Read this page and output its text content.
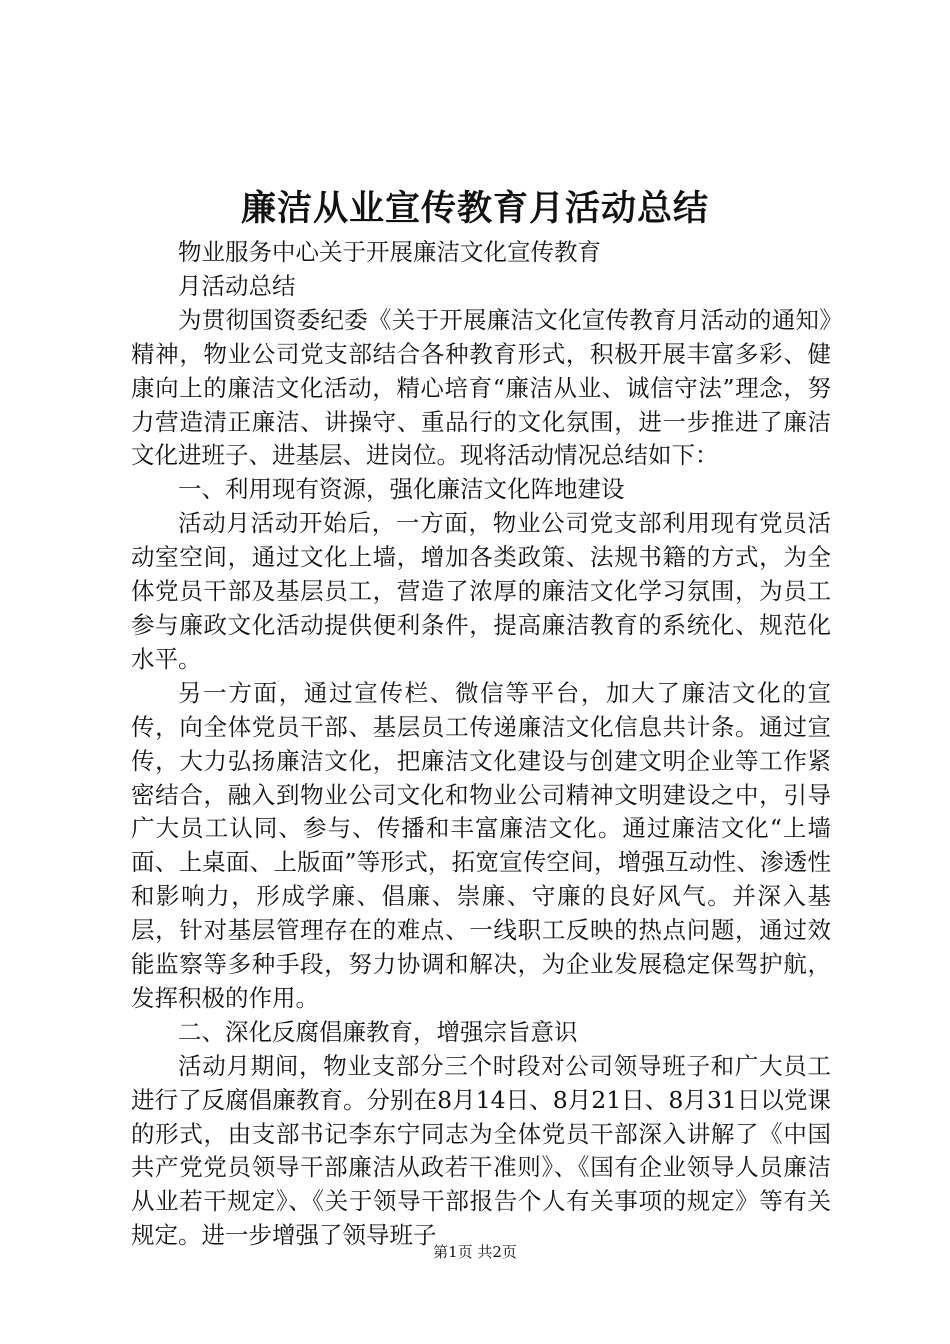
廉洁从业宣传教育月活动总结

物业服务中心关于开展廉洁文化宣传教育

月活动总结

为贯彻国资委纪委《关于开展廉洁文化宣传教育月活动的通知》精神，物业公司党支部结合各种教育形式，积极开展丰富多彩、健康向上的廉洁文化活动，精心培育“廉洁从业、诚信守法”理念，努力营造清正廉洁、讲操守、重品行的文化氛围，进一步推进了廉洁文化进班子、进基层、进岗位。现将活动情况总结如下：

一、利用现有资源，强化廉洁文化阵地建设

活动月活动开始后，一方面，物业公司党支部利用现有党员活动室空间，通过文化上墙，增加各类政策、法规书籍的方式，为全体党员干部及基层员工，营造了浓厚的廉洁文化学习氛围，为员工参与廉政文化活动提供便利条件，提高廉洁教育的系统化、规范化水平。

另一方面，通过宣传栏、微信等平台，加大了廉洁文化的宣传，向全体党员干部、基层员工传递廉洁文化信息共计条。通过宣传，大力弘扬廉洁文化，把廉洁文化建设与创建文明企业等工作紧密结合，融入到物业公司文化和物业公司精神文明建设之中，引导广大员工认同、参与、传播和丰富廉洁文化。通过廉洁文化“上墙面、上桌面、上版面”等形式，拓宽宣传空间，增强互动性、渗透性和影响力，形成学廉、倡廉、崇廉、守廉的良好风气。并深入基层，针对基层管理存在的难点、一线职工反映的热点问题，通过效能监察等多种手段，努力协调和解决，为企业发展稳定保驾护航，发挥积极的作用。

二、深化反腐倡廉教育，增强宗旨意识

活动月期间，物业支部分三个时段对公司领导班子和广大员工进行了反腐倡廉教育。分别在8月14日、8月21日、8月31日以党课的形式，由支部书记李东宁同志为全体党员干部深入讲解了《中国共产党党员领导干部廉洁从政若干准则》、《国有企业领导人员廉洁从业若干规定》、《关于领导干部报告个人有关事项的规定》等有关规定。进一步增强了领导班子

第1页 共2页
